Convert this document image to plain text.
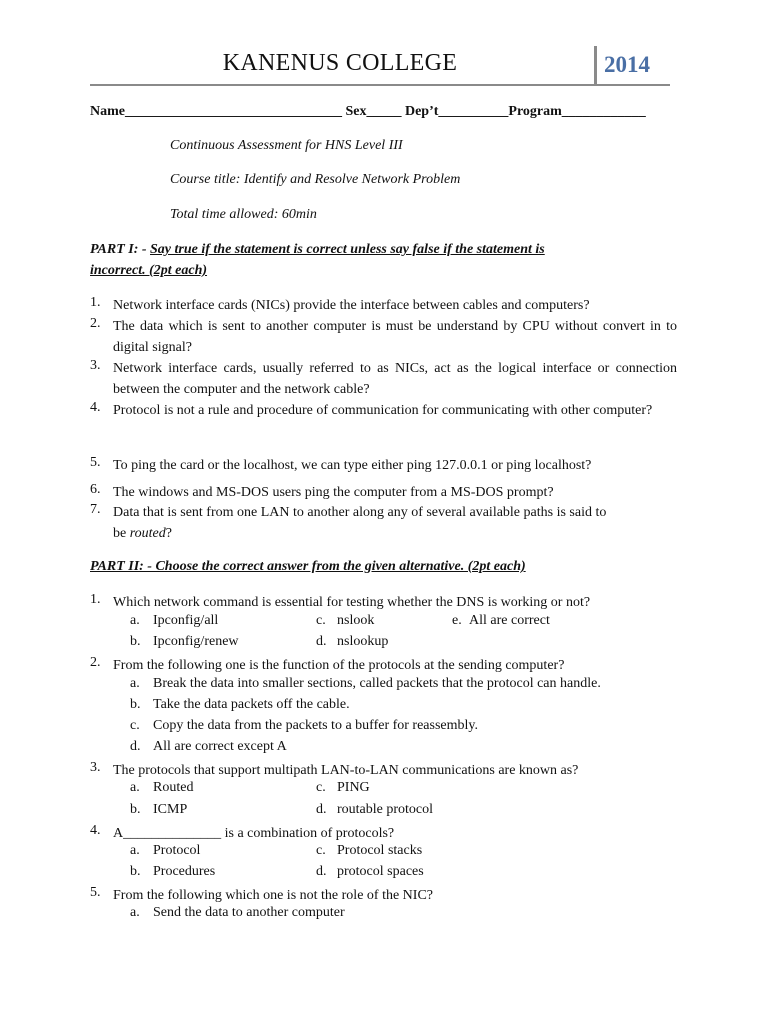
KANENUS COLLEGE	2014
Name_______________________________ Sex_____ Dep’t__________Program____________
Continuous Assessment for HNS Level III
Course title: Identify and Resolve Network Problem
Total time allowed: 60min
PART I: - Say true if the statement is correct unless say false if the statement is
incorrect. (2pt each)
1. Network interface cards (NICs) provide the interface between cables and computers?
2. The data which is sent to another computer is must be understand by CPU without convert in to digital signal?
3. Network interface cards, usually referred to as NICs, act as the logical interface or connection between the computer and the network cable?
4. Protocol is not a rule and procedure of communication for communicating with other computer?
5. To ping the card or the localhost, we can type either ping 127.0.0.1 or ping localhost?
6. The windows and MS-DOS users ping the computer from a MS-DOS prompt?
7. Data that is sent from one LAN to another along any of several available paths is said to
be routed?
PART II: - Choose the correct answer from the given alternative. (2pt each)
1. Which network command is essential for testing whether the DNS is working or not?
a. Ipconfig/all	c. nslook	e. All are correct
b. Ipconfig/renew	d. nslookup
2. From the following one is the function of the protocols at the sending computer?
a. Break the data into smaller sections, called packets that the protocol can handle.
b. Take the data packets off the cable.
c. Copy the data from the packets to a buffer for reassembly.
d. All are correct except A
3. The protocols that support multipath LAN-to-LAN communications are known as?
a. Routed	c. PING
b. ICMP	d. routable protocol
4. A______________ is a combination of protocols?
a. Protocol	c. Protocol stacks
b. Procedures	d. protocol spaces
5. From the following which one is not the role of the NIC?
a. Send the data to another computer
